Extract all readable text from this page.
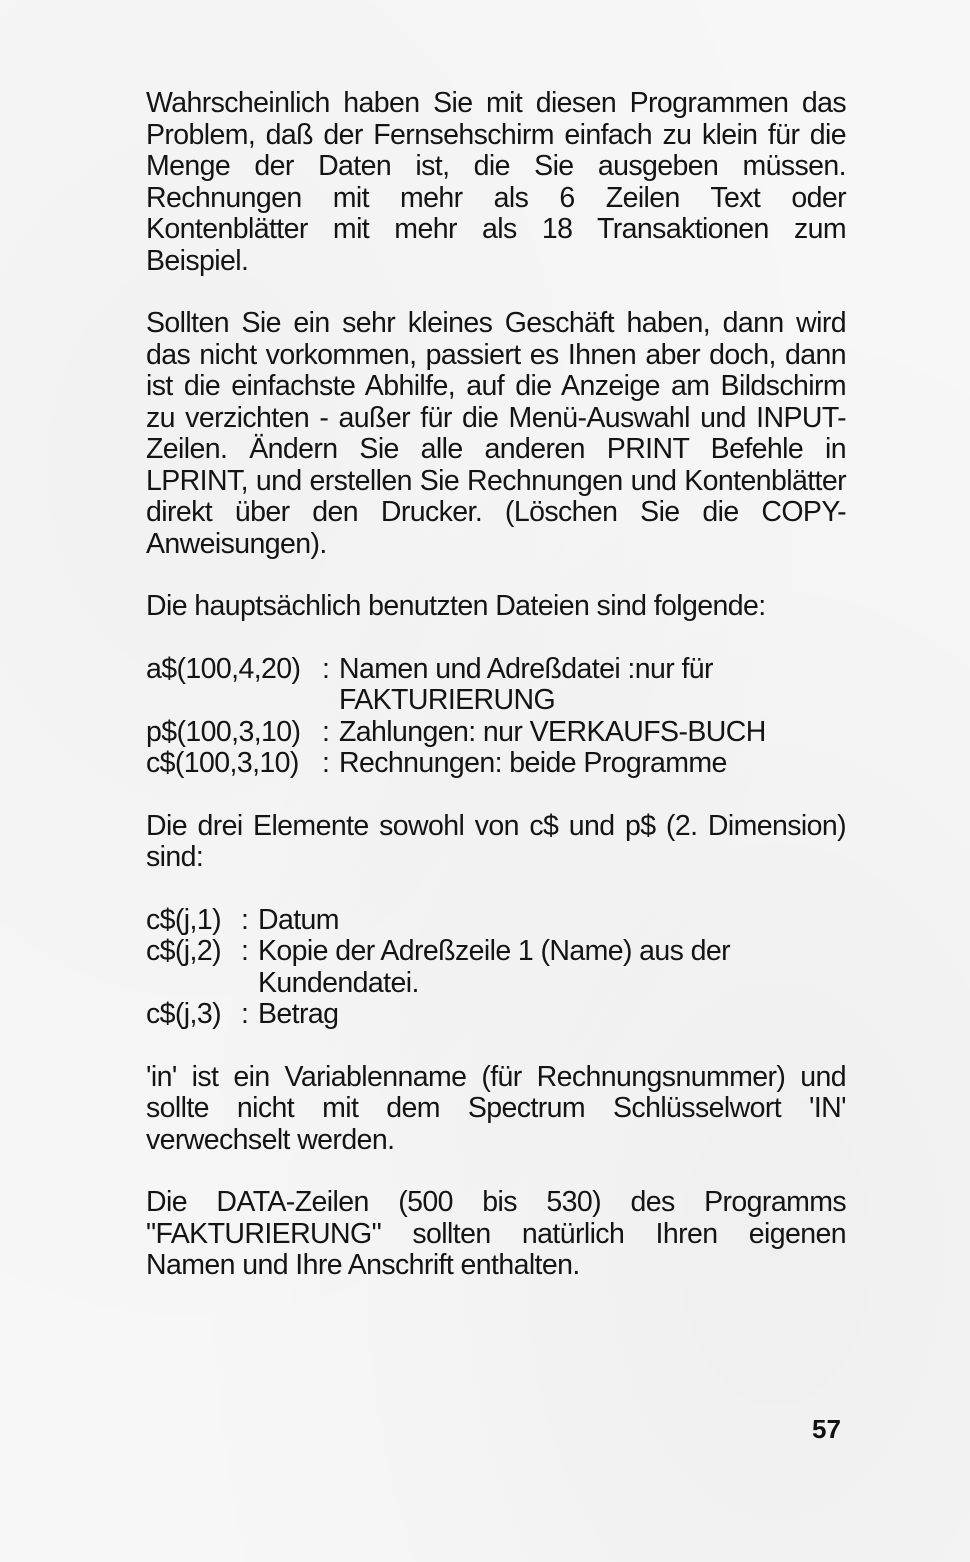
Wahrscheinlich haben Sie mit diesen Programmen das Problem, daß der Fernsehschirm einfach zu klein für die Menge der Daten ist, die Sie ausgeben müssen. Rechnungen mit mehr als 6 Zeilen Text oder Kontenblätter mit mehr als 18 Transaktionen zum Beispiel.

Sollten Sie ein sehr kleines Geschäft haben, dann wird das nicht vorkommen, passiert es Ihnen aber doch, dann ist die einfachste Abhilfe, auf die Anzeige am Bildschirm zu verzichten - außer für die Menü-Auswahl und INPUT-Zeilen. Ändern Sie alle anderen PRINT Befehle in LPRINT, und erstellen Sie Rechnungen und Kontenblätter direkt über den Drucker. (Löschen Sie die COPY-Anweisungen).

Die hauptsächlich benutzten Dateien sind folgende:

a$(100,4,20) : Namen und Adreßdatei :nur für FAKTURIERUNG
p$(100,3,10) : Zahlungen: nur VERKAUFS-BUCH
c$(100,3,10) : Rechnungen: beide Programme

Die drei Elemente sowohl von c$ und p$ (2. Dimension) sind:

c$(j,1) : Datum
c$(j,2) : Kopie der Adreßzeile 1 (Name) aus der Kundendatei.
c$(j,3) : Betrag

'in' ist ein Variablenname (für Rechnungsnummer) und sollte nicht mit dem Spectrum Schlüsselwort 'IN' verwechselt werden.

Die DATA-Zeilen (500 bis 530) des Programms "FAKTURIERUNG" sollten natürlich Ihren eigenen Namen und Ihre Anschrift enthalten.

57
